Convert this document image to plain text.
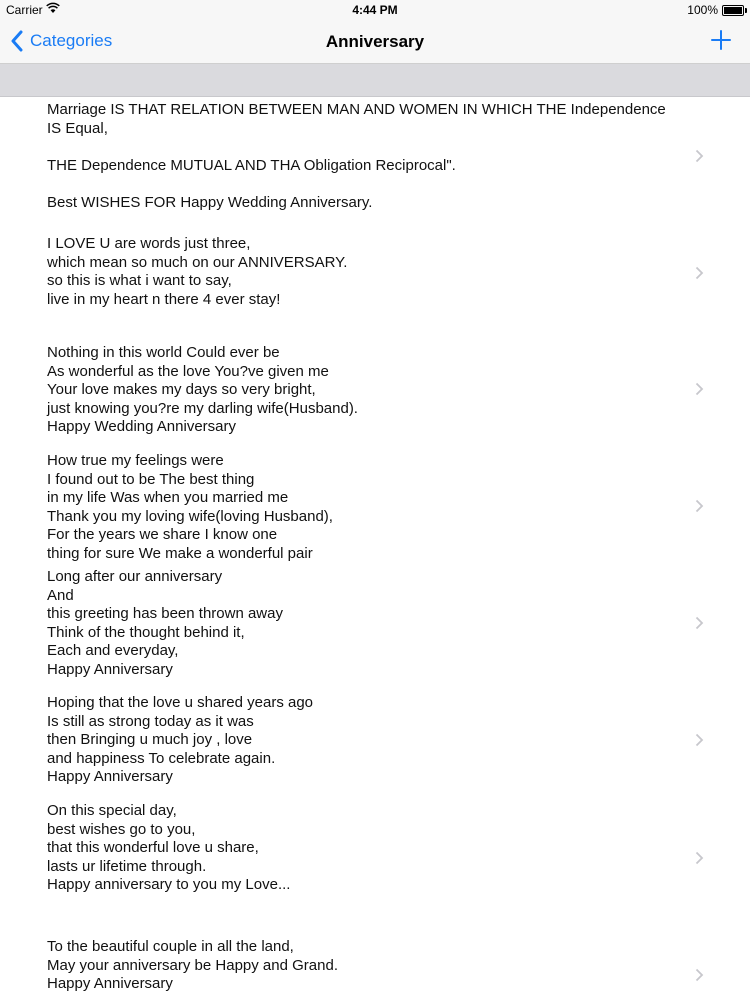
Carrier	4:44 PM	100%
Categories	Anniversary
Marriage IS THAT RELATION BETWEEN MAN AND WOMEN IN WHICH THE Independence
IS Equal,

THE Dependence MUTUAL AND THA Obligation Reciprocal".

Best WISHES FOR Happy Wedding Anniversary.
I LOVE U are words just three,
which mean so much on our ANNIVERSARY.
so this is what i want to say,
live in my heart n there 4 ever stay!
Nothing in this world Could ever be
As wonderful as the love You?ve given me
Your love makes my days so very bright,
just knowing you?re my darling wife(Husband).
Happy Wedding Anniversary
How true my feelings were
I found out to be The best thing
in my life Was when you married me
Thank you my loving wife(loving Husband),
For the years we share I know one
thing for sure We make a wonderful pair
Long after our anniversary
And
this greeting has been thrown away
Think of the thought behind it,
Each and everyday,
Happy Anniversary
Hoping that the love u shared years ago
Is still as strong today as it was
then Bringing u much joy , love
and happiness To celebrate again.
Happy Anniversary
On this special day,
best wishes go to you,
that this wonderful love u share,
lasts ur lifetime through.
Happy anniversary to you my Love...
To the beautiful couple in all the land,
May your anniversary be Happy and Grand.
Happy Anniversary
